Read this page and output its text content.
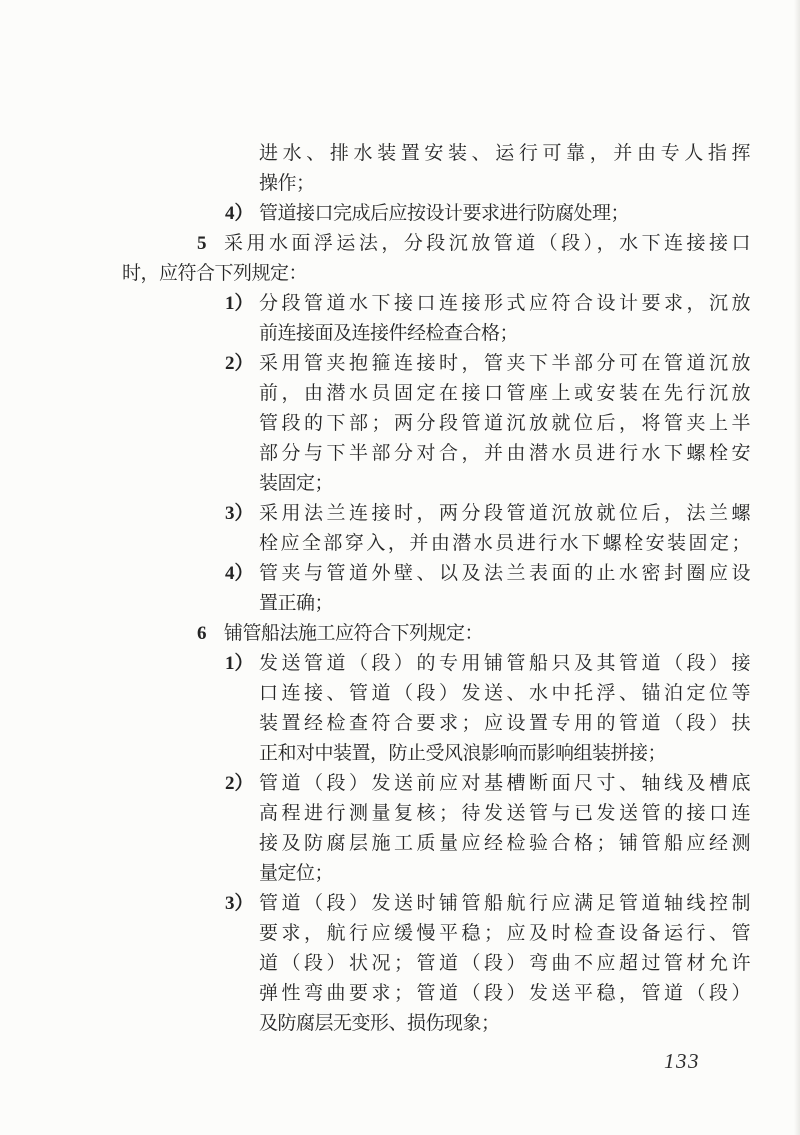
进水、排水装置安装、运行可靠，并由专人指挥
操作；
4） 管道接口完成后应按设计要求进行防腐处理；
5 采用水面浮运法，分段沉放管道（段），水下连接接口
时，应符合下列规定：
1） 分段管道水下接口连接形式应符合设计要求，沉放
前连接面及连接件经检查合格；
2） 采用管夹抱箍连接时，管夹下半部分可在管道沉放
前，由潜水员固定在接口管座上或安装在先行沉放
管段的下部；两分段管道沉放就位后，将管夹上半
部分与下半部分对合，并由潜水员进行水下螺栓安
装固定；
3） 采用法兰连接时，两分段管道沉放就位后，法兰螺
栓应全部穿入，并由潜水员进行水下螺栓安装固定；
4） 管夹与管道外壁、以及法兰表面的止水密封圈应设
置正确；
6 铺管船法施工应符合下列规定：
1） 发送管道（段）的专用铺管船只及其管道（段）接
口连接、管道（段）发送、水中托浮、锚泊定位等
装置经检查符合要求；应设置专用的管道（段）扶
正和对中装置，防止受风浪影响而影响组装拼接；
2） 管道（段）发送前应对基槽断面尺寸、轴线及槽底
高程进行测量复核；待发送管与已发送管的接口连
接及防腐层施工质量应经检验合格；铺管船应经测
量定位；
3） 管道（段）发送时铺管船航行应满足管道轴线控制
要求，航行应缓慢平稳；应及时检查设备运行、管
道（段）状况；管道（段）弯曲不应超过管材允许
弹性弯曲要求；管道（段）发送平稳，管道（段）
及防腐层无变形、损伤现象；
133
